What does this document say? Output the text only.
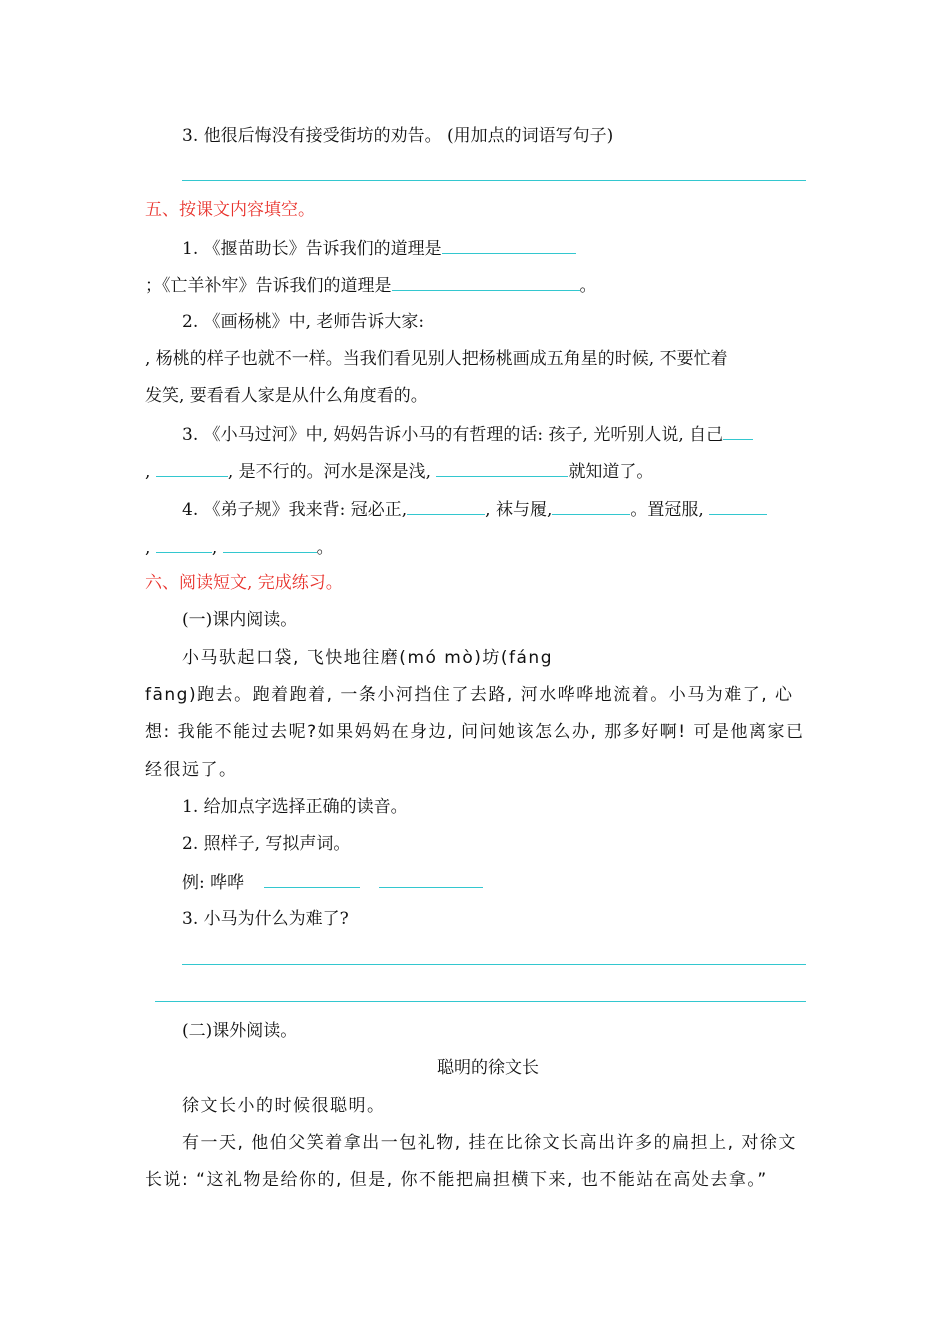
3. 他很后悔没有接受街坊的劝告。 (用加点的词语写句子)
五、按课文内容填空。
1. 《揠苗助长》告诉我们的道理是
；《亡羊补牢》告诉我们的道理是	。
2. 《画杨桃》中, 老师告诉大家:
, 杨桃的样子也就不一样。当我们看见别人把杨桃画成五角星的时候, 不要忙着
发笑, 要看看人家是从什么角度看的。
3. 《小马过河》中, 妈妈告诉小马的有哲理的话: 孩子, 光听别人说, 自己
,	, 是不行的。河水是深是浅,	就知道了。
4. 《弟子规》我来背: 冠必正,	, 袜与履,	。置冠服,
,	,	。
六、阅读短文, 完成练习。
(一)课内阅读。
小马驮起口袋, 飞快地往磨(mó mò)坊(fáng
fāng)跑去。跑着跑着, 一条小河挡住了去路, 河水哗哗地流着。小马为难了, 心
想: 我能不能过去呢?如果妈妈在身边, 问问她该怎么办, 那多好啊! 可是他离家已
经很远了。
1. 给加点字选择正确的读音。
2. 照样子, 写拟声词。
例: 哗哗
3. 小马为什么为难了?
(二)课外阅读。
聪明的徐文长
徐文长小的时候很聪明。
有一天, 他伯父笑着拿出一包礼物, 挂在比徐文长高出许多的扁担上, 对徐文
长说: “这礼物是给你的, 但是, 你不能把扁担横下来, 也不能站在高处去拿。”
